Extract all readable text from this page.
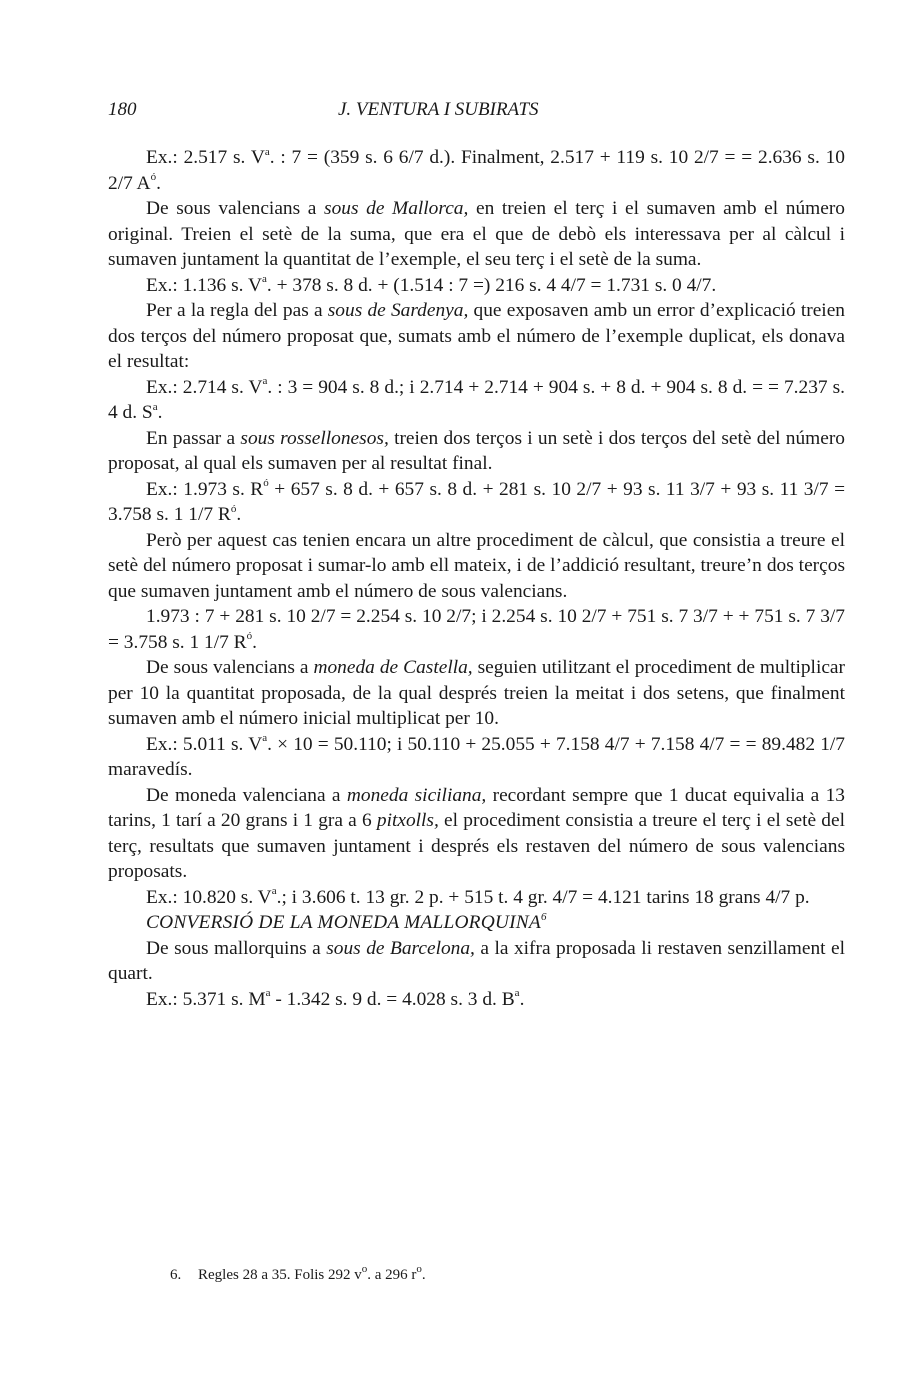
180	J. VENTURA I SUBIRATS

Ex.: 2.517 s. $V^a$. : 7 = (359 s. 6 6/7 d.). Finalment, 2.517 + 119 s. 10 2/7 = = 2.636 s. 10 2/7 $A^ó$.

De sous valencians a sous de Mallorca, en treien el terç i el sumaven amb el número original. Treien el setè de la suma, que era el que de debò els interessava per al càlcul i sumaven juntament la quantitat de l’exemple, el seu terç i el setè de la suma.

Ex.: 1.136 s. $V^a$. + 378 s. 8 d. + (1.514 : 7 =) 216 s. 4 4/7 = 1.731 s. 0 4/7.

Per a la regla del pas a sous de Sardenya, que exposaven amb un error d’explicació treien dos terços del número proposat que, sumats amb el número de l’exemple duplicat, els donava el resultat:

Ex.: 2.714 s. $V^a$. : 3 = 904 s. 8 d.; i 2.714 + 2.714 + 904 s. + 8 d. + 904 s. 8 d. = = 7.237 s. 4 d. $S^a$.

En passar a sous rossellonesos, treien dos terços i un setè i dos terços del setè del número proposat, al qual els sumaven per al resultat final.

Ex.: 1.973 s. $R^ó + 657$ s. 8 d. + 657 s. 8 d. + 281 s. 10 2/7 + 93 s. 11 3/7 + 93 s. 11 3/7 = 3.758 s. 1 1/7 $R^ó$.

Però per aquest cas tenien encara un altre procediment de càlcul, que consistia a treure el setè del número proposat i sumar-lo amb ell mateix, i de l’addició resultant, treure’n dos terços que sumaven juntament amb el número de sous valencians.

1.973 : 7 + 281 s. 10 2/7 = 2.254 s. 10 2/7; i 2.254 s. 10 2/7 + 751 s. 7 3/7 + + 751 s. 7 3/7 = 3.758 s. 1 1/7 $R^ó$.

De sous valencians a moneda de Castella, seguien utilitzant el procediment de multiplicar per 10 la quantitat proposada, de la qual després treien la meitat i dos setens, que finalment sumaven amb el número inicial multiplicat per 10.

Ex.: 5.011 s. $V^a$. × 10 = 50.110; i 50.110 + 25.055 + 7.158 4/7 + 7.158 4/7 = = 89.482 1/7 maravedís.

De moneda valenciana a moneda siciliana, recordant sempre que 1 ducat equivalia a 13 tarins, 1 tarí a 20 grans i 1 gra a 6 pitxolls, el procediment consistia a treure el terç i el setè del terç, resultats que sumaven juntament i després els restaven del número de sous valencians proposats.

Ex.: 10.820 s. $V^a$.; i 3.606 t. 13 gr. 2 p. + 515 t. 4 gr. 4/7 = 4.121 tarins 18 grans 4/7 p.

CONVERSIÓ DE LA MONEDA MALLORQUINA$^6$

De sous mallorquins a sous de Barcelona, a la xifra proposada li restaven senzillament el quart.

Ex.: 5.371 s. $M^a - 1.342$ s. 9 d. = 4.028 s. 3 d. $B^a$.

6. Regles 28 a 35. Folis 292 $v^o$. a 296 $r^o$.
